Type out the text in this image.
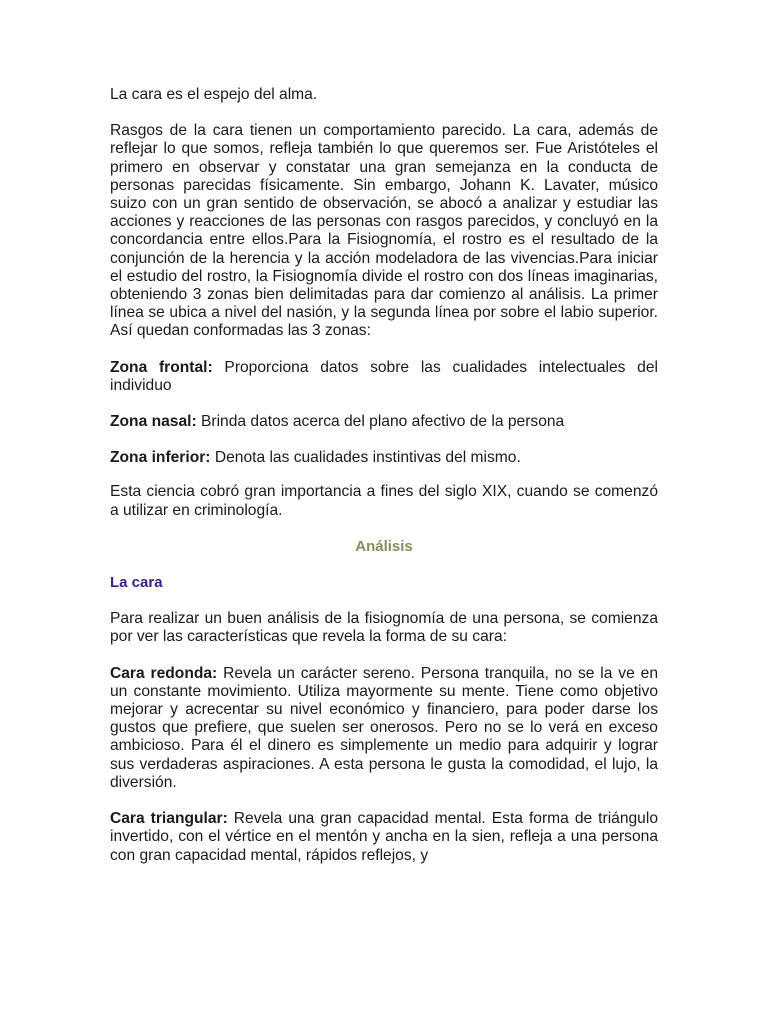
La cara es el espejo del alma.

Rasgos de la cara tienen un comportamiento parecido. La cara, además de reflejar lo que somos, refleja también lo que queremos ser. Fue Aristóteles el primero en observar y constatar una gran semejanza en la conducta de personas parecidas físicamente. Sin embargo, Johann K. Lavater, músico suizo con un gran sentido de observación, se abocó a analizar y estudiar las acciones y reacciones de las personas con rasgos parecidos, y concluyó en la concordancia entre ellos.Para la Fisiognomía, el rostro es el resultado de la conjunción de la herencia y la acción modeladora de las vivencias.Para iniciar el estudio del rostro, la Fisiognomía divide el rostro con dos líneas imaginarias, obteniendo 3 zonas bien delimitadas para dar comienzo al análisis. La primer línea se ubica a nivel del nasión, y la segunda línea por sobre el labio superior. Así quedan conformadas las 3 zonas:

Zona frontal: Proporciona datos sobre las cualidades intelectuales del individuo

Zona nasal: Brinda datos acerca del plano afectivo de la persona

Zona inferior: Denota las cualidades instintivas del mismo.

Esta ciencia cobró gran importancia a fines del siglo XIX, cuando se comenzó a utilizar en criminología.

Análisis

La cara

Para realizar un buen análisis de la fisiognomía de una persona, se comienza por ver las características que revela la forma de su cara:

Cara redonda: Revela un carácter sereno. Persona tranquila, no se la ve en un constante movimiento. Utiliza mayormente su mente. Tiene como objetivo mejorar y acrecentar su nivel económico y financiero, para poder darse los gustos que prefiere, que suelen ser onerosos. Pero no se lo verá en exceso ambicioso. Para él el dinero es simplemente un medio para adquirir y lograr sus verdaderas aspiraciones. A esta persona le gusta la comodidad, el lujo, la diversión.

Cara triangular: Revela una gran capacidad mental. Esta forma de triángulo invertido, con el vértice en el mentón y ancha en la sien, refleja a una persona con gran capacidad mental, rápidos reflejos, y
